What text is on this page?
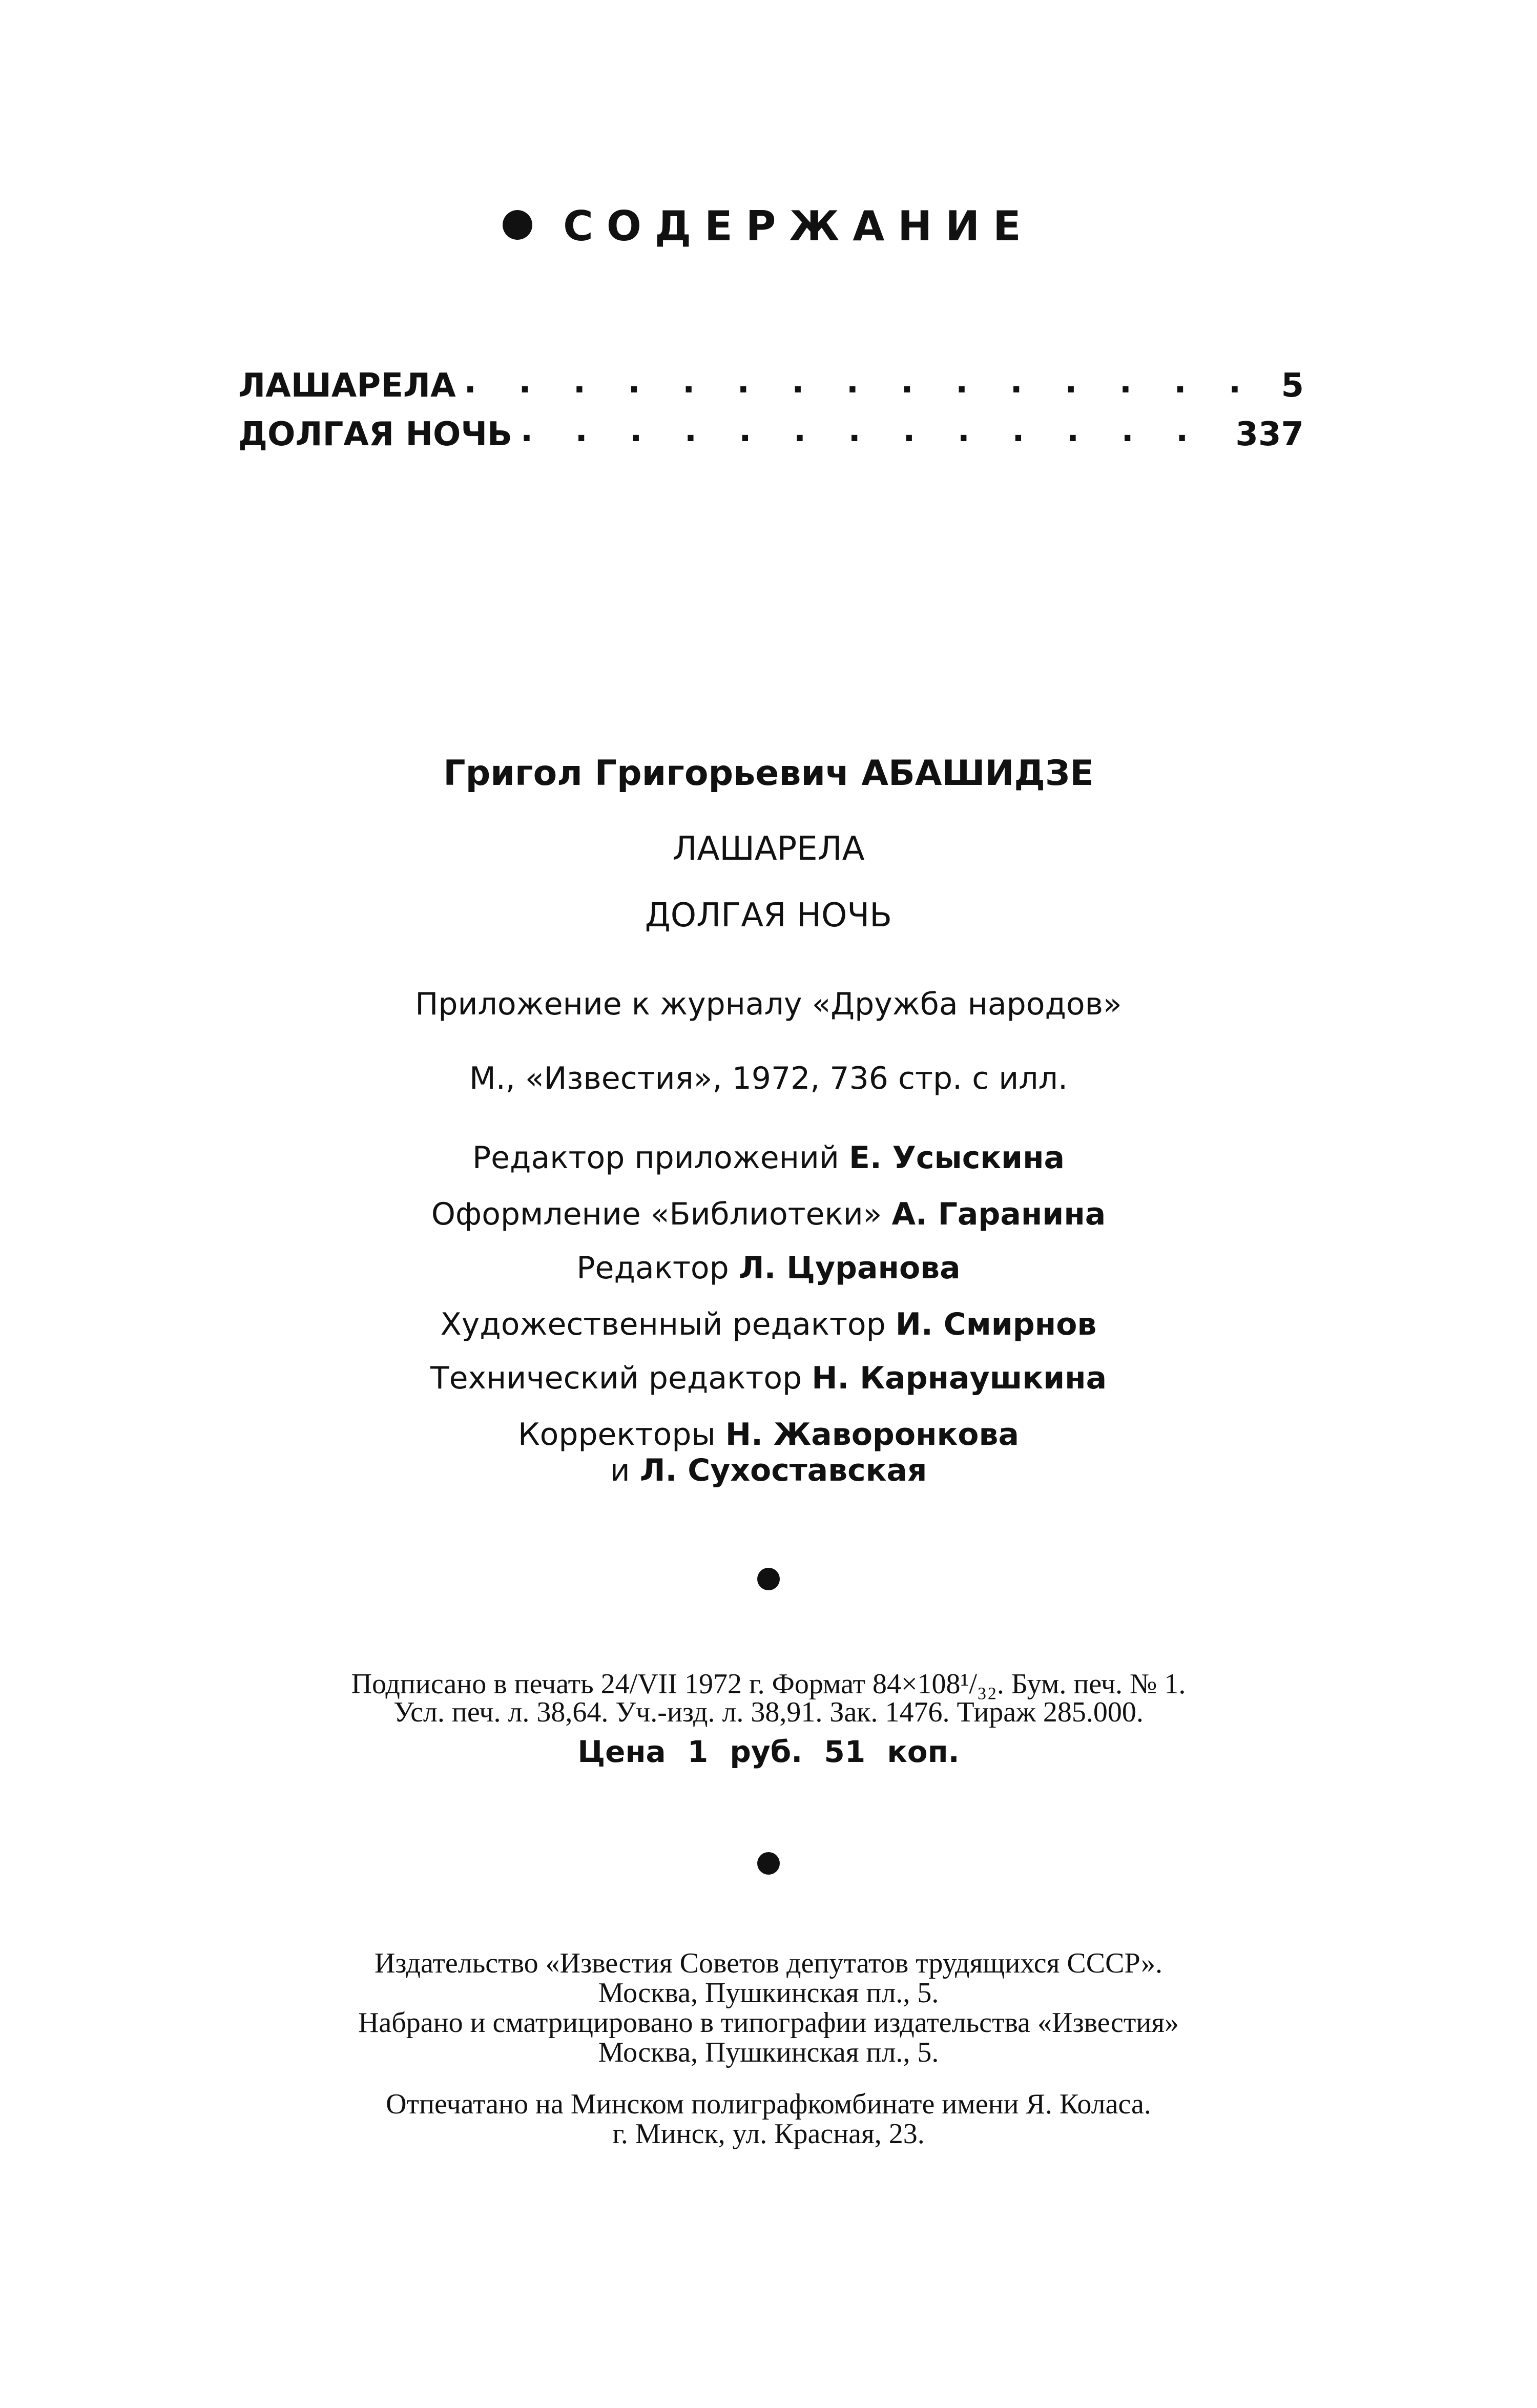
СОДЕРЖАНИЕ
ЛАШАРЕЛА . . .	5
ДОЛГАЯ НОЧЬ . . .	337
Григол Григорьевич АБАШИДЗЕ
ЛАШАРЕЛА
ДОЛГАЯ НОЧЬ
Приложение к журналу «Дружба народов»
М., «Известия», 1972, 736 стр. с илл.
Редактор приложений Е. Усыскина
Оформление «Библиотеки» А. Гаранина
Редактор Л. Цуранова
Художественный редактор И. Смирнов
Технический редактор Н. Карнаушкина
Корректоры Н. Жаворонкова
и Л. Сухоставская
Подписано в печать 24/VII 1972 г. Формат 84×108¹/₃₂. Бум. печ. № 1.
Усл. печ. л. 38,64. Уч.-изд. л. 38,91. Зак. 1476. Тираж 285.000.
Цена 1 руб. 51 коп.
Издательство «Известия Советов депутатов трудящихся СССР».
Москва, Пушкинская пл., 5.
Набрано и сматрицировано в типографии издательства «Известия»
Москва, Пушкинская пл., 5.
Отпечатано на Минском полиграфкомбинате имени Я. Коласа.
г. Минск, ул. Красная, 23.
